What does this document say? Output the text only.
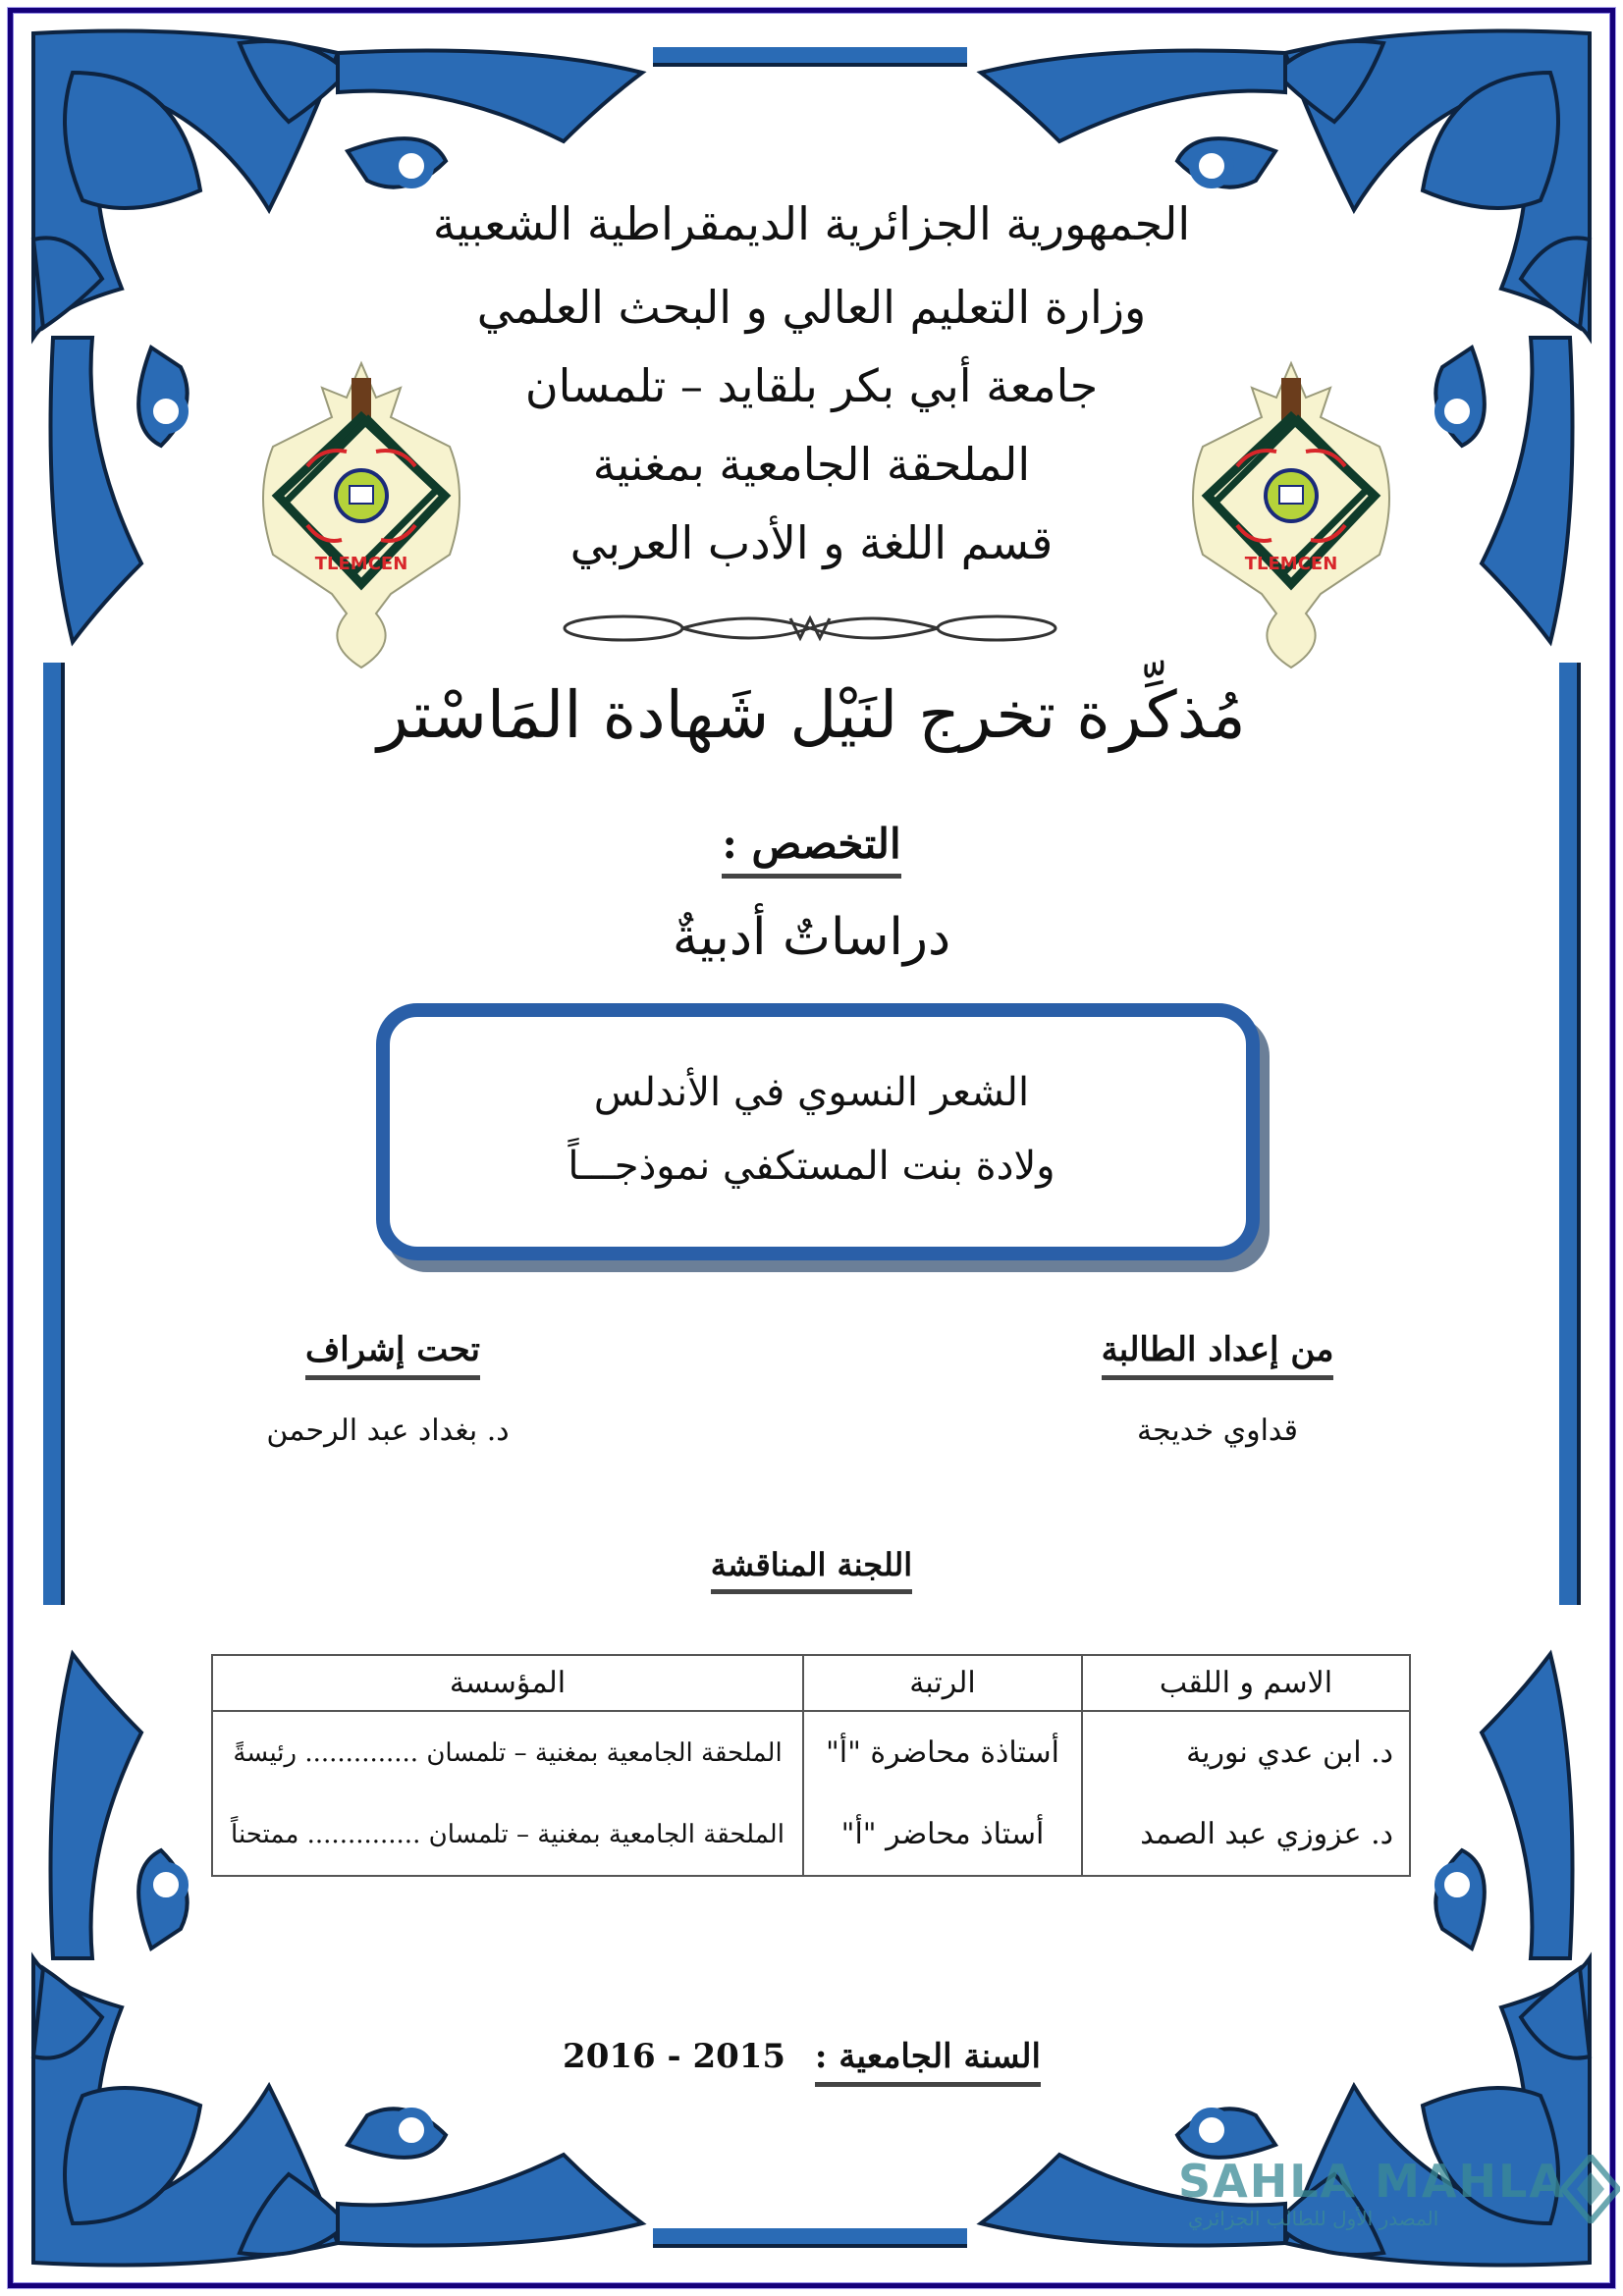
الجمهورية الجزائرية الديمقراطية الشعبية
وزارة التعليم العالي و البحث العلمي
جامعة أبي بكر بلقايد – تلمسان
الملحقة الجامعية بمغنية
قسم اللغة و الأدب العربي
TLEMCEN	TLEMCEN
مُذكِّرة تخرج لنَيْل شَهادة المَاسْتر
التخصص :
دراساتٌ أدبيةٌ
الشعر النسوي في الأندلس
ولادة بنت المستكفي نموذجـــاً
من إعداد الطالبة
قداوي خديجة
تحت إشراف
د. بغداد عبد الرحمن
اللجنة المناقشة
الاسم و اللقب	الرتبة	المؤسسة
د. ابن عدي نورية	أستاذة محاضرة "أ"	الملحقة الجامعية بمغنية – تلمسان .............. رئيسةً
د. عزوزي عبد الصمد	أستاذ محاضر "أ"	الملحقة الجامعية بمغنية – تلمسان .............. ممتحناً
السنة الجامعية : 2016 - 2015
SAHLA MAHLA
المصدر الأول للطالب الجزائري
